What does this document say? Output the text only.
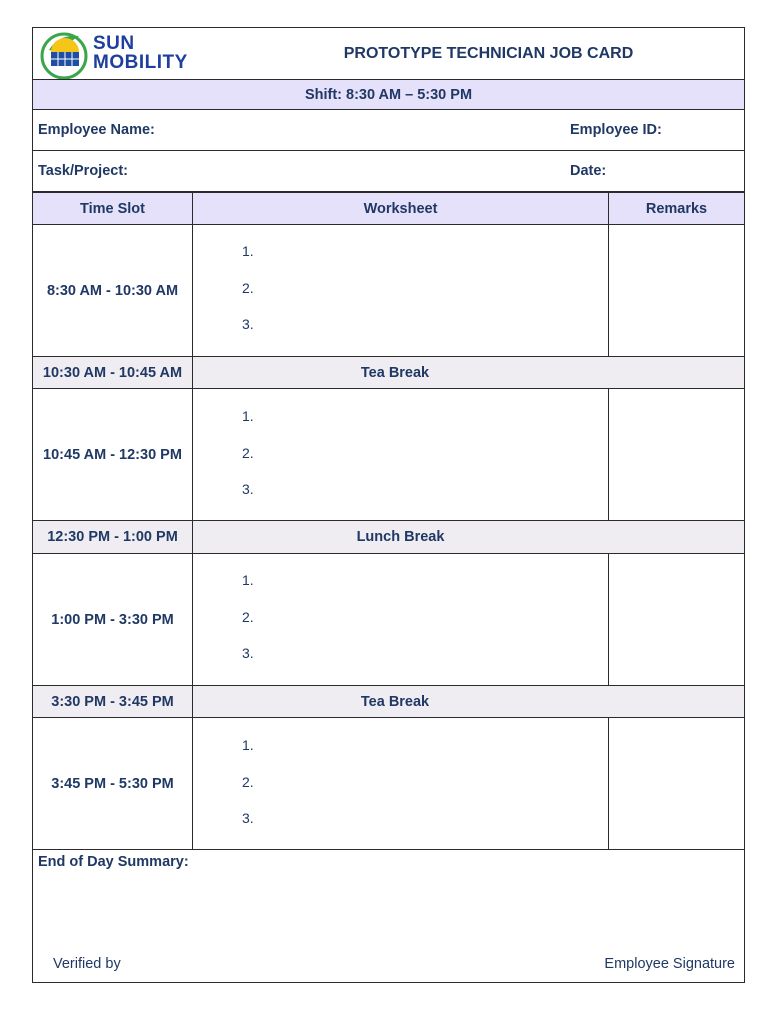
SUN
MOBILITY	PROTOTYPE TECHNICIAN JOB CARD
Shift: 8:30 AM – 5:30 PM
Employee Name:	Employee ID:
Task/Project:	Date:
Time Slot	Worksheet	Remarks
8:30 AM - 10:30 AM
1.
2.
3.
10:30 AM - 10:45 AM	Tea Break
10:45 AM - 12:30 PM
1.
2.
3.
12:30 PM - 1:00 PM	Lunch Break
1:00 PM - 3:30 PM
1.
2.
3.
3:30 PM - 3:45 PM	Tea Break
3:45 PM - 5:30 PM
1.
2.
3.
End of Day Summary:
Verified by	Employee Signature
